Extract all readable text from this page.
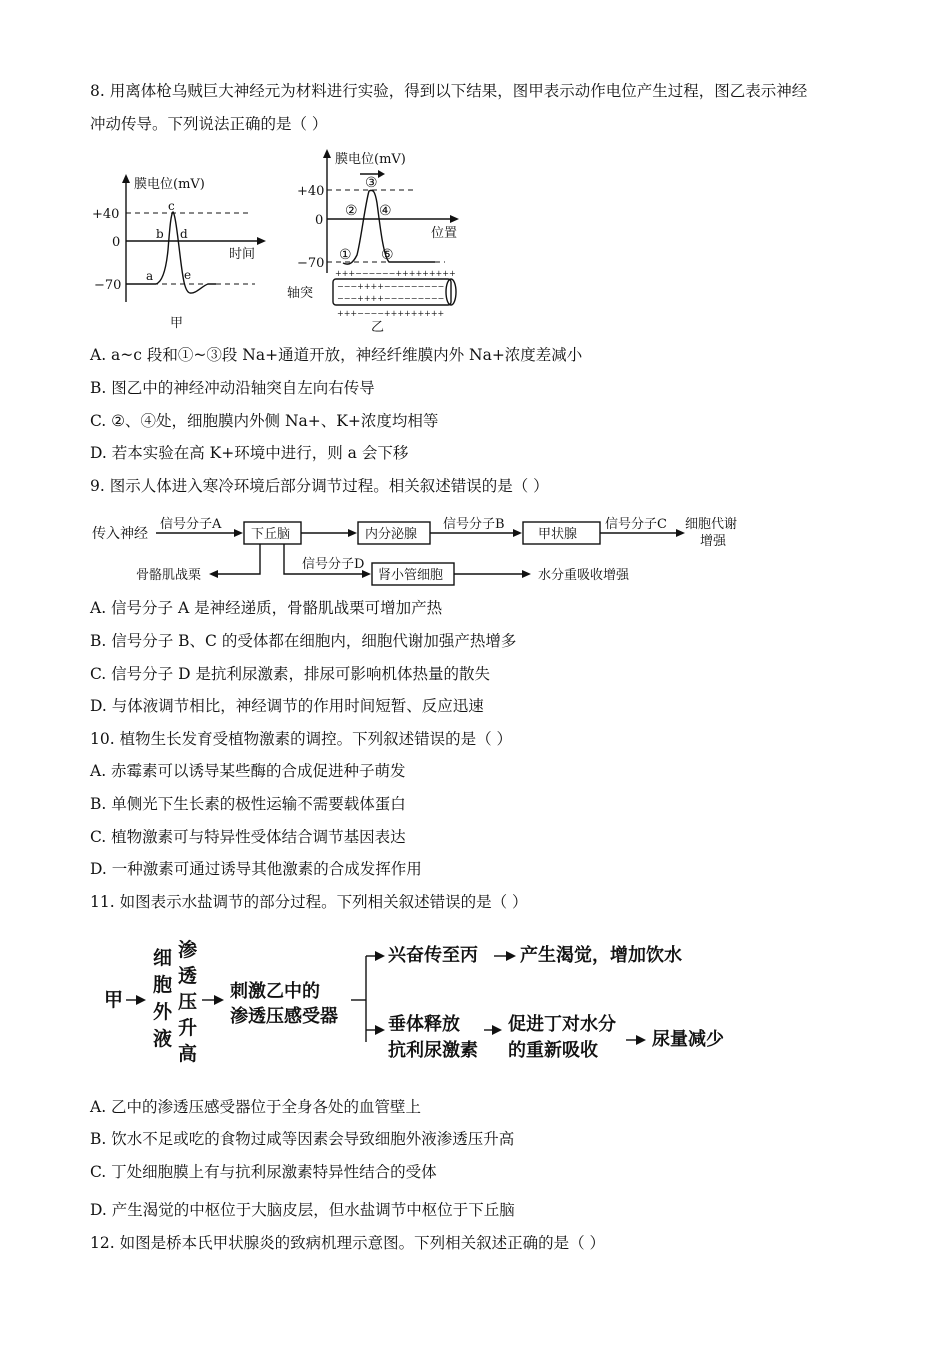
8. 用离体枪乌贼巨大神经元为材料进行实验，得到以下结果，图甲表示动作电位产生过程，图乙表示神经
冲动传导。下列说法正确的是（ ）
膜电位(mV)
+40
0
−70
时间
a
b
c
d
e
甲
膜电位(mV)
+40
0
−70
位置
③
② ④
① ⑤
+++−−−−−−+++++++++
−−−++++−−−−−−−−−
−−−++++−−−−−−−−−
+++−−−−+++++++++
轴突
乙
A. a~c 段和①~③段 Na+通道开放，神经纤维膜内外 Na+浓度差减小
B. 图乙中的神经冲动沿轴突自左向右传导
C. ②、④处，细胞膜内外侧 Na+、K+浓度均相等
D. 若本实验在高 K+环境中进行，则 a 会下移
9. 图示人体进入寒冷环境后部分调节过程。相关叙述错误的是（ ）
传入神经
信号分子A
下丘脑	内分泌腺
信号分子B
甲状腺
信号分子C 细胞代谢
增强
骨骼肌战栗
信号分子D
肾小管细胞	水分重吸收增强
A. 信号分子 A 是神经递质，骨骼肌战栗可增加产热
B. 信号分子 B、C 的受体都在细胞内，细胞代谢加强产热增多
C. 信号分子 D 是抗利尿激素，排尿可影响机体热量的散失
D. 与体液调节相比，神经调节的作用时间短暂、反应迅速
10. 植物生长发育受植物激素的调控。下列叙述错误的是（ ）
A. 赤霉素可以诱导某些酶的合成促进种子萌发
B. 单侧光下生长素的极性运输不需要载体蛋白
C. 植物激素可与特异性受体结合调节基因表达
D. 一种激素可通过诱导其他激素的合成发挥作用
11. 如图表示水盐调节的部分过程。下列相关叙述错误的是（ ）
甲
细
胞
外
液
渗
透
压
升
高
刺激乙中的
渗透压感受器
兴奋传至丙 产生渴觉，增加饮水
垂体释放
抗利尿激素
促进丁对水分
的重新吸收
尿量减少
A. 乙中的渗透压感受器位于全身各处的血管壁上
B. 饮水不足或吃的食物过咸等因素会导致细胞外液渗透压升高
C. 丁处细胞膜上有与抗利尿激素特异性结合的受体
D. 产生渴觉的中枢位于大脑皮层，但水盐调节中枢位于下丘脑
12. 如图是桥本氏甲状腺炎的致病机理示意图。下列相关叙述正确的是（ ）
